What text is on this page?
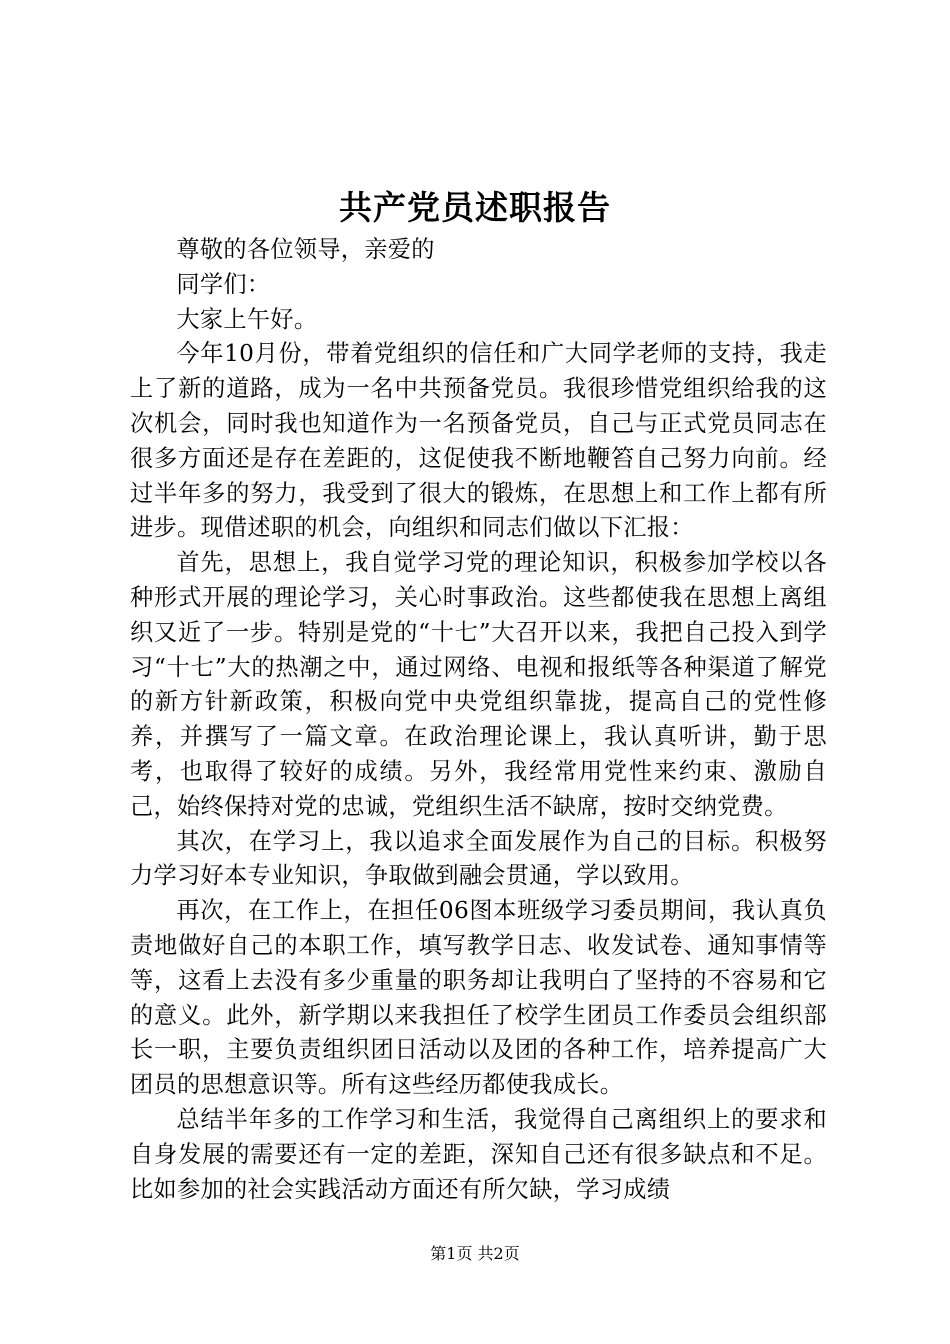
共产党员述职报告

尊敬的各位领导，亲爱的

同学们：

大家上午好。

今年10月份，带着党组织的信任和广大同学老师的支持，我走上了新的道路，成为一名中共预备党员。我很珍惜党组织给我的这次机会，同时我也知道作为一名预备党员，自己与正式党员同志在很多方面还是存在差距的，这促使我不断地鞭笞自己努力向前。经过半年多的努力，我受到了很大的锻炼，在思想上和工作上都有所进步。现借述职的机会，向组织和同志们做以下汇报：

首先，思想上，我自觉学习党的理论知识，积极参加学校以各种形式开展的理论学习，关心时事政治。这些都使我在思想上离组织又近了一步。特别是党的“十七”大召开以来，我把自己投入到学习“十七”大的热潮之中，通过网络、电视和报纸等各种渠道了解党的新方针新政策，积极向党中央党组织靠拢，提高自己的党性修养，并撰写了一篇文章。在政治理论课上，我认真听讲，勤于思考，也取得了较好的成绩。另外，我经常用党性来约束、激励自己，始终保持对党的忠诚，党组织生活不缺席，按时交纳党费。

其次，在学习上，我以追求全面发展作为自己的目标。积极努力学习好本专业知识，争取做到融会贯通，学以致用。

再次，在工作上，在担任06图本班级学习委员期间，我认真负责地做好自己的本职工作，填写教学日志、收发试卷、通知事情等等，这看上去没有多少重量的职务却让我明白了坚持的不容易和它的意义。此外，新学期以来我担任了校学生团员工作委员会组织部长一职，主要负责组织团日活动以及团的各种工作，培养提高广大团员的思想意识等。所有这些经历都使我成长。

总结半年多的工作学习和生活，我觉得自己离组织上的要求和自身发展的需要还有一定的差距，深知自己还有很多缺点和不足。比如参加的社会实践活动方面还有所欠缺，学习成绩

第1页 共2页
